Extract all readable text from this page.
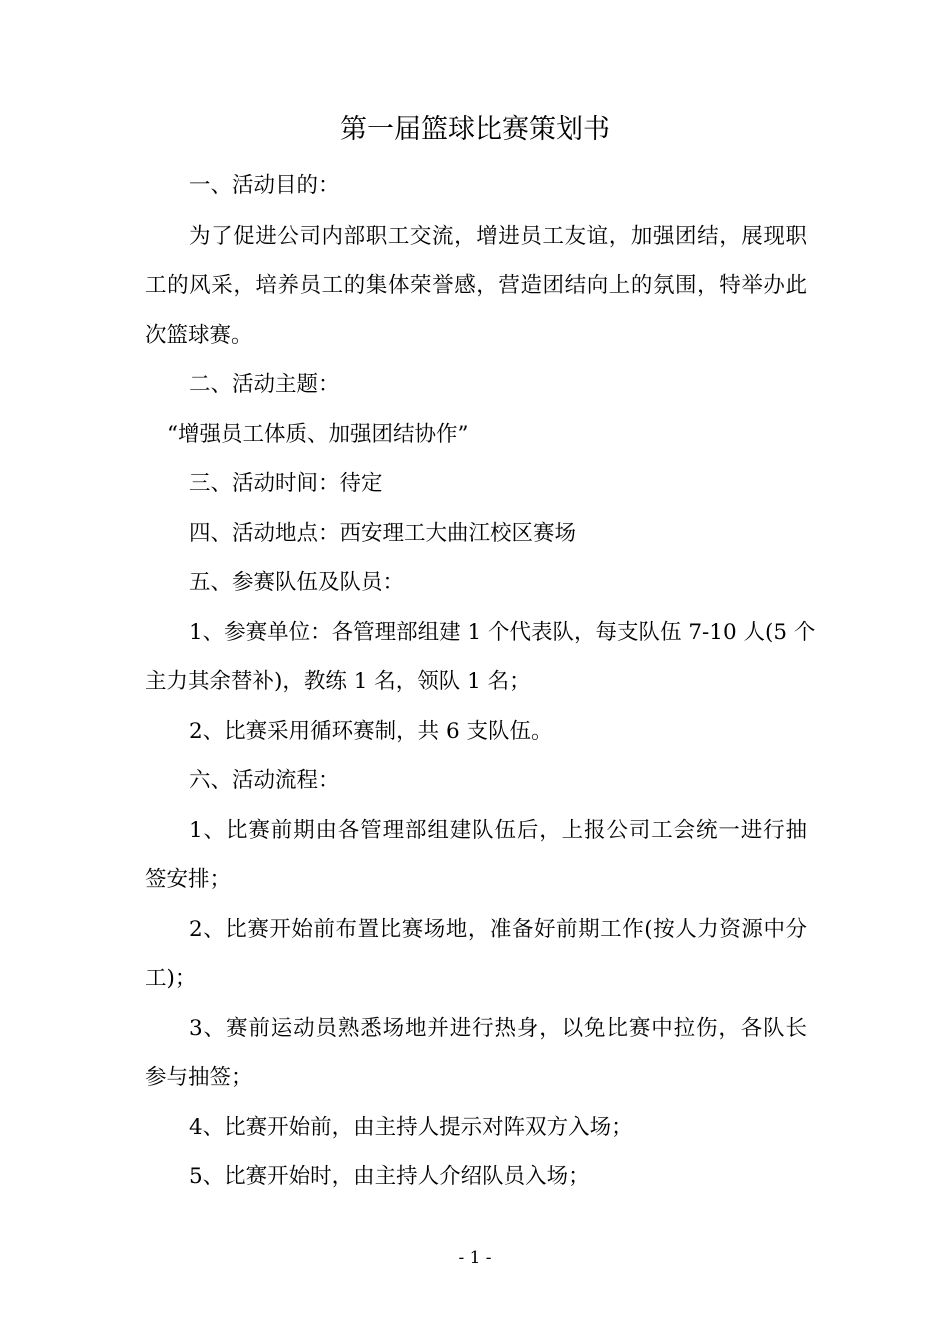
第一届篮球比赛策划书
一、活动目的：
为了促进公司内部职工交流，增进员工友谊，加强团结，展现职
工的风采，培养员工的集体荣誉感，营造团结向上的氛围，特举办此
次篮球赛。
二、活动主题：
“增强员工体质、加强团结协作”
三、活动时间：待定
四、活动地点：西安理工大曲江校区赛场
五、参赛队伍及队员：
1、参赛单位：各管理部组建 1 个代表队，每支队伍 7-10 人(5 个
主力其余替补)，教练 1 名，领队 1 名；
2、比赛采用循环赛制，共 6 支队伍。
六、活动流程：
1、比赛前期由各管理部组建队伍后，上报公司工会统一进行抽
签安排；
2、比赛开始前布置比赛场地，准备好前期工作(按人力资源中分
工)；
3、赛前运动员熟悉场地并进行热身，以免比赛中拉伤，各队长
参与抽签；
4、比赛开始前，由主持人提示对阵双方入场；
5、比赛开始时，由主持人介绍队员入场；
- 1 -
